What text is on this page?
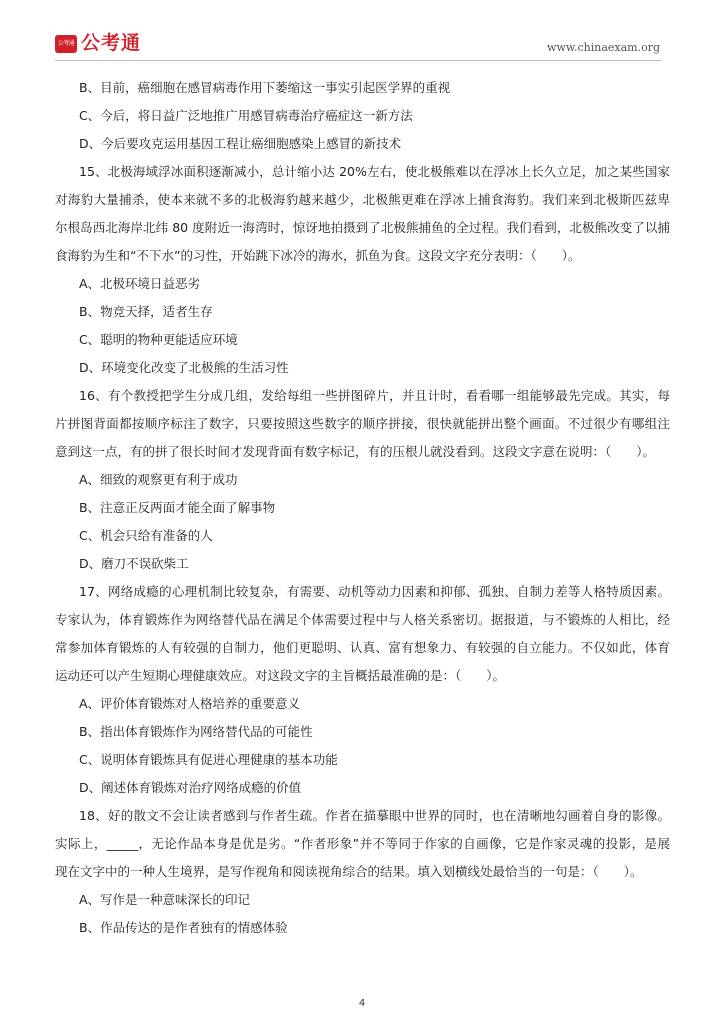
公考通 公考通	www.chinaexam.org
B、目前，癌细胞在感冒病毒作用下萎缩这一事实引起医学界的重视
C、今后，将日益广泛地推广用感冒病毒治疗癌症这一新方法
D、今后要攻克运用基因工程让癌细胞感染上感冒的新技术
15、北极海域浮冰面积逐渐减小，总计缩小达 20%左右，使北极熊难以在浮冰上长久立足，加之某些国家
对海豹大量捕杀，使本来就不多的北极海豹越来越少，北极熊更难在浮冰上捕食海豹。我们来到北极斯匹兹卑
尔根岛西北海岸北纬 80 度附近一海湾时，惊讶地拍摄到了北极熊捕鱼的全过程。我们看到，北极熊改变了以捕
食海豹为生和“不下水”的习性，开始跳下冰冷的海水，抓鱼为食。这段文字充分表明：（　　）。
A、北极环境日益恶劣
B、物竞天择，适者生存
C、聪明的物种更能适应环境
D、环境变化改变了北极熊的生活习性
16、有个教授把学生分成几组，发给每组一些拼图碎片，并且计时，看看哪一组能够最先完成。其实，每
片拼图背面都按顺序标注了数字，只要按照这些数字的顺序拼接，很快就能拼出整个画面。不过很少有哪组注
意到这一点，有的拼了很长时间才发现背面有数字标记，有的压根儿就没看到。这段文字意在说明：（　　）。
A、细致的观察更有利于成功
B、注意正反两面才能全面了解事物
C、机会只给有准备的人
D、磨刀不误砍柴工
17、网络成瘾的心理机制比较复杂，有需要、动机等动力因素和抑郁、孤独、自制力差等人格特质因素。
专家认为，体育锻炼作为网络替代品在满足个体需要过程中与人格关系密切。据报道，与不锻炼的人相比，经
常参加体育锻炼的人有较强的自制力，他们更聪明、认真、富有想象力、有较强的自立能力。不仅如此，体育
运动还可以产生短期心理健康效应。对这段文字的主旨概括最准确的是：（　　）。
A、评价体育锻炼对人格培养的重要意义
B、指出体育锻炼作为网络替代品的可能性
C、说明体育锻炼具有促进心理健康的基本功能
D、阐述体育锻炼对治疗网络成瘾的价值
18、好的散文不会让读者感到与作者生疏。作者在描摹眼中世界的同时，也在清晰地勾画着自身的影像。
实际上，_____，无论作品本身是优是劣。“作者形象”并不等同于作家的自画像，它是作家灵魂的投影，是展
现在文字中的一种人生境界，是写作视角和阅读视角综合的结果。填入划横线处最恰当的一句是：（　　）。
A、写作是一种意味深长的印记
B、作品传达的是作者独有的情感体验
4
